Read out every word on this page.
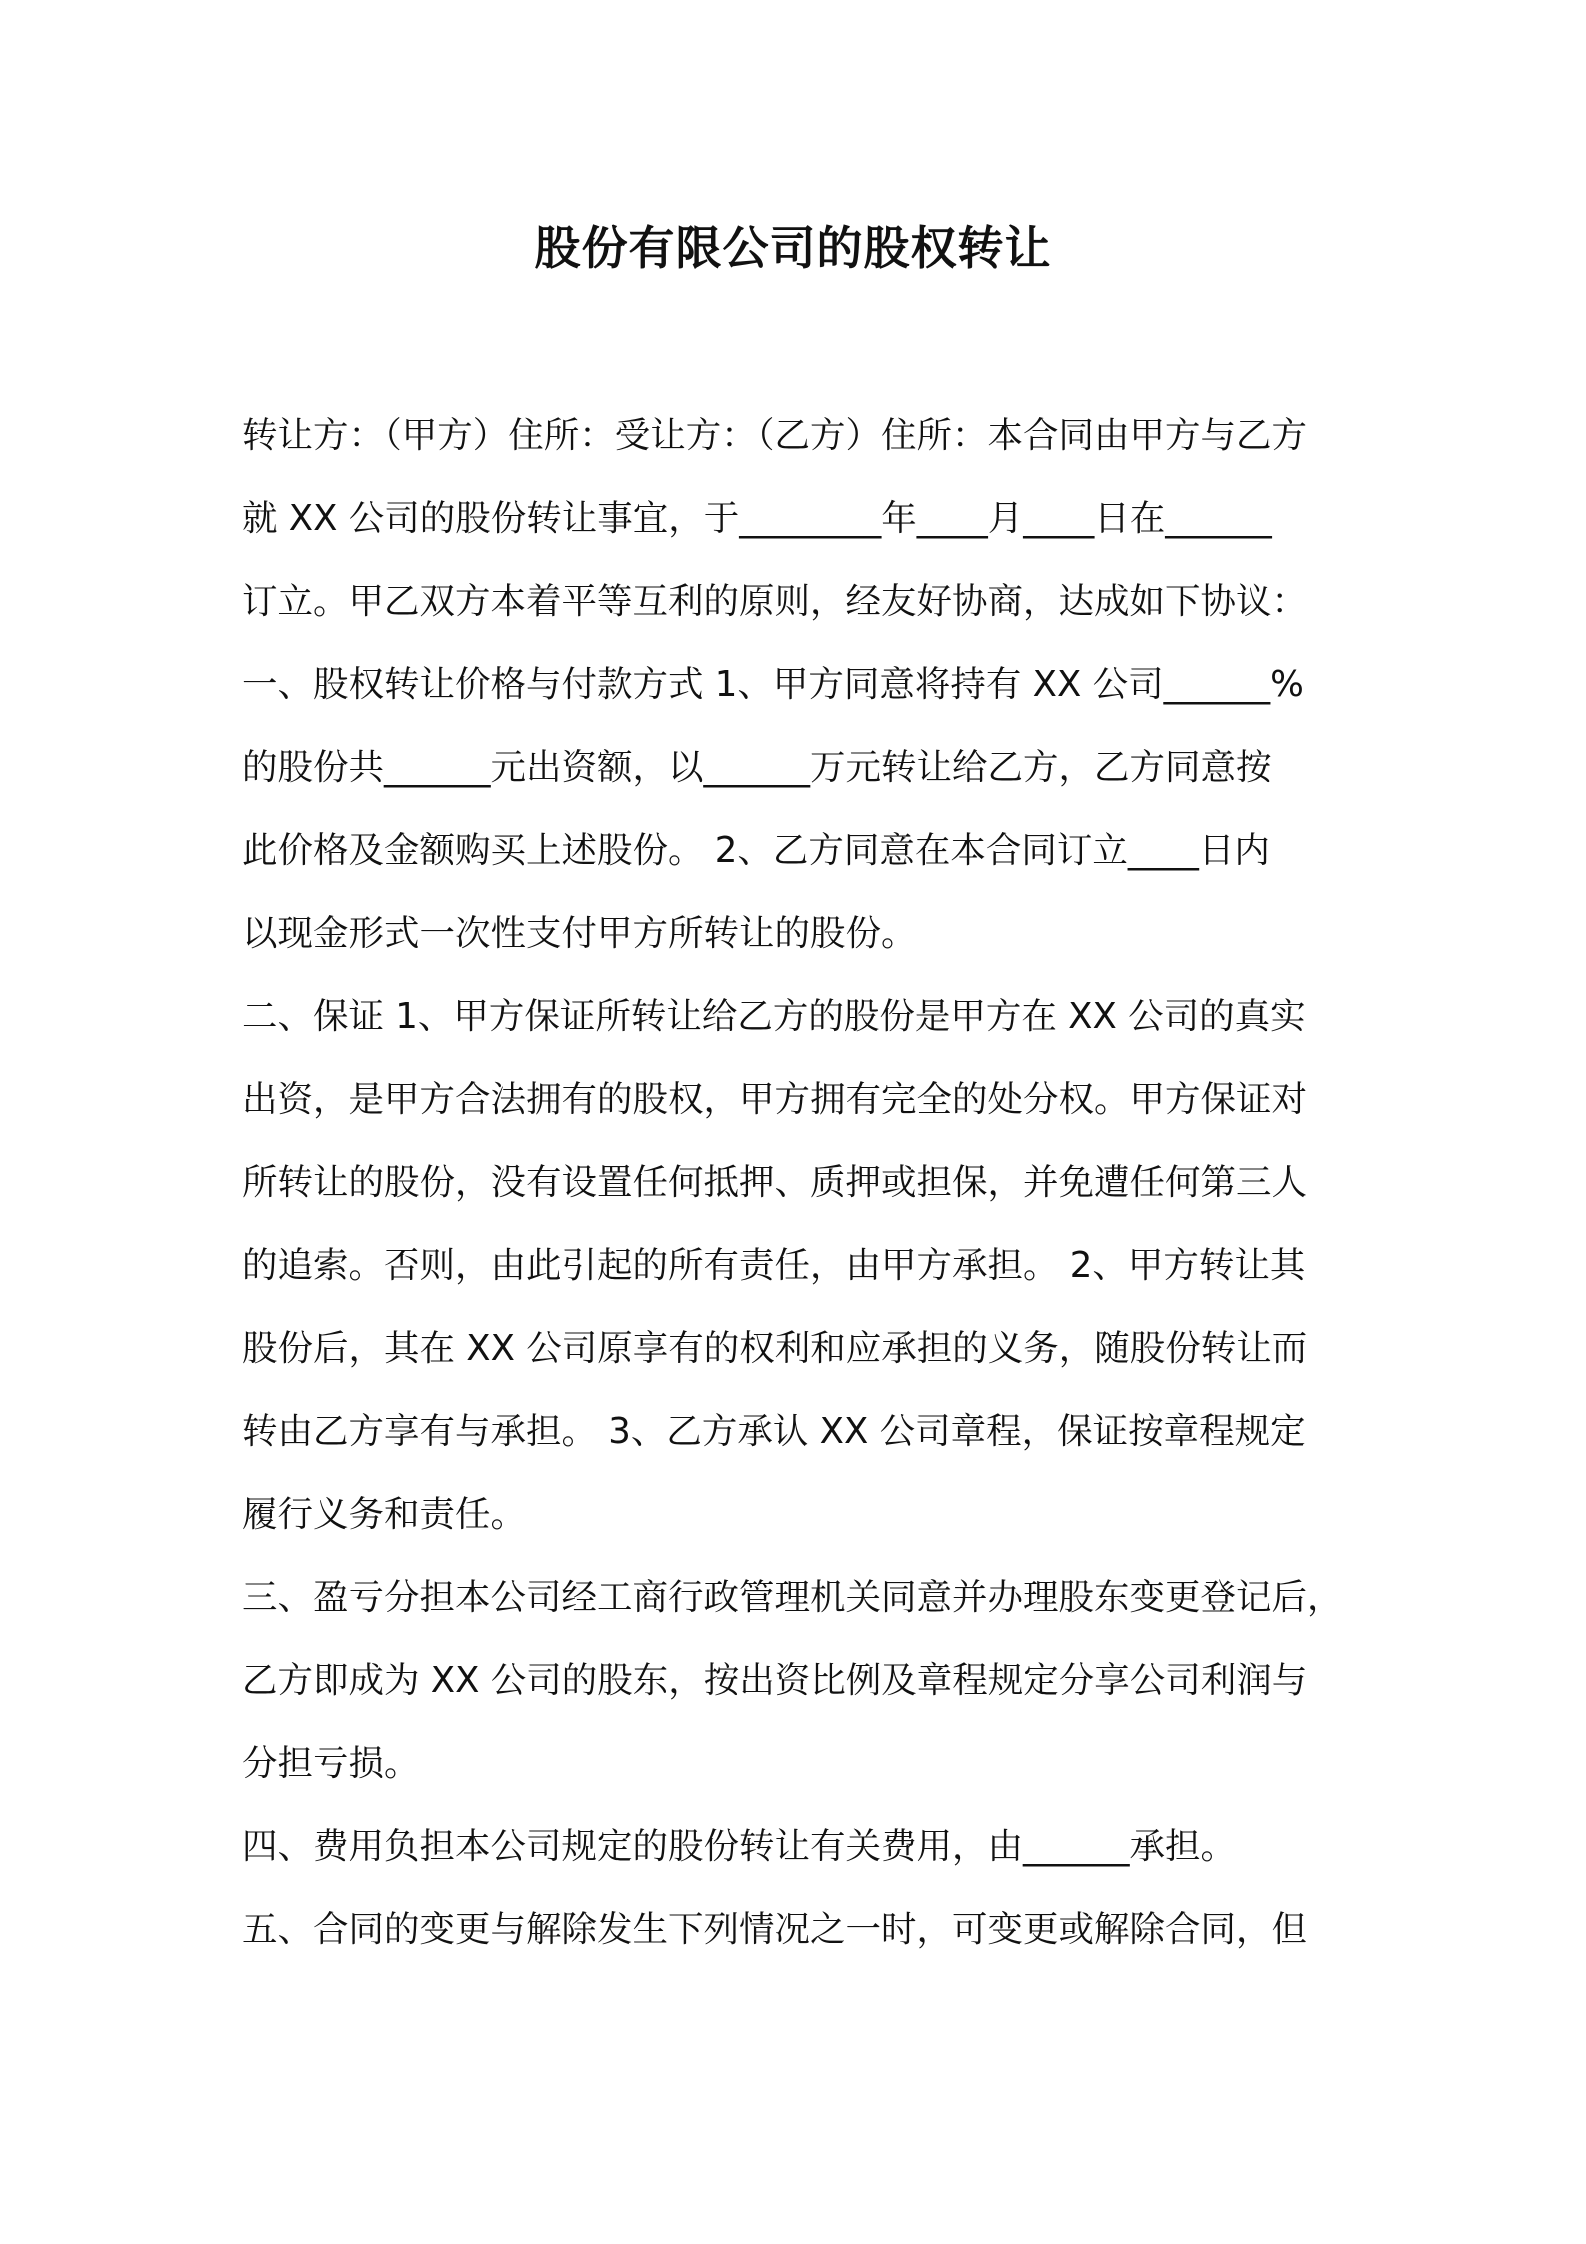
股份有限公司的股权转让
转让方：（甲方）住所：受让方：（乙方）住所：本合同由甲方与乙方
就 XX 公司的股份转让事宜，于________年____月____日在______
订立。甲乙双方本着平等互利的原则，经友好协商，达成如下协议：
一、股权转让价格与付款方式 1、甲方同意将持有 XX 公司______%
的股份共______元出资额，以______万元转让给乙方，乙方同意按
此价格及金额购买上述股份。 2、乙方同意在本合同订立____日内
以现金形式一次性支付甲方所转让的股份。
二、保证 1、甲方保证所转让给乙方的股份是甲方在 XX 公司的真实
出资，是甲方合法拥有的股权，甲方拥有完全的处分权。甲方保证对
所转让的股份，没有设置任何抵押、质押或担保，并免遭任何第三人
的追索。否则，由此引起的所有责任，由甲方承担。 2、甲方转让其
股份后，其在 XX 公司原享有的权利和应承担的义务，随股份转让而
转由乙方享有与承担。 3、乙方承认 XX 公司章程，保证按章程规定
履行义务和责任。
三、盈亏分担本公司经工商行政管理机关同意并办理股东变更登记后，
乙方即成为 XX 公司的股东，按出资比例及章程规定分享公司利润与
分担亏损。
四、费用负担本公司规定的股份转让有关费用，由______承担。
五、合同的变更与解除发生下列情况之一时，可变更或解除合同，但
